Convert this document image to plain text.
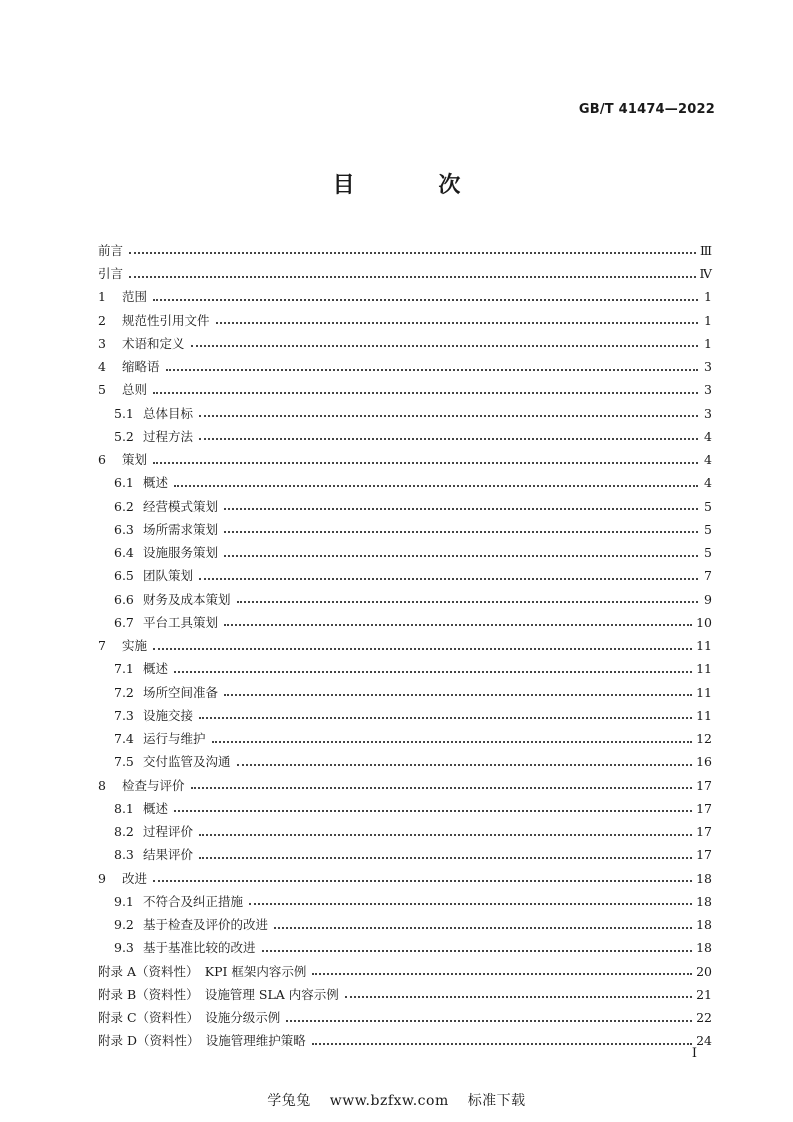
GB/T 41474—2022
目 次
前言	Ⅲ
引言	Ⅳ
1	范围	1
2	规范性引用文件	1
3	术语和定义	1
4	缩略语	3
5	总则	3
5.1 总体目标	3
5.2 过程方法	4
6	策划	4
6.1 概述	4
6.2 经营模式策划	5
6.3 场所需求策划	5
6.4 设施服务策划	5
6.5 团队策划	7
6.6 财务及成本策划	9
6.7 平台工具策划	10
7	实施	11
7.1 概述	11
7.2 场所空间准备	11
7.3 设施交接	11
7.4 运行与维护	12
7.5 交付监管及沟通	16
8	检查与评价	17
8.1 概述	17
8.2 过程评价	17
8.3 结果评价	17
9	改进	18
9.1 不符合及纠正措施	18
9.2 基于检查及评价的改进	18
9.3 基于基准比较的改进	18
附录 A（资料性）　KPI 框架内容示例	20
附录 B（资料性）　设施管理 SLA 内容示例	21
附录 C（资料性）　设施分级示例	22
附录 D（资料性）　设施管理维护策略	24
I
学兔兔 www.bzfxw.com 标准下载
